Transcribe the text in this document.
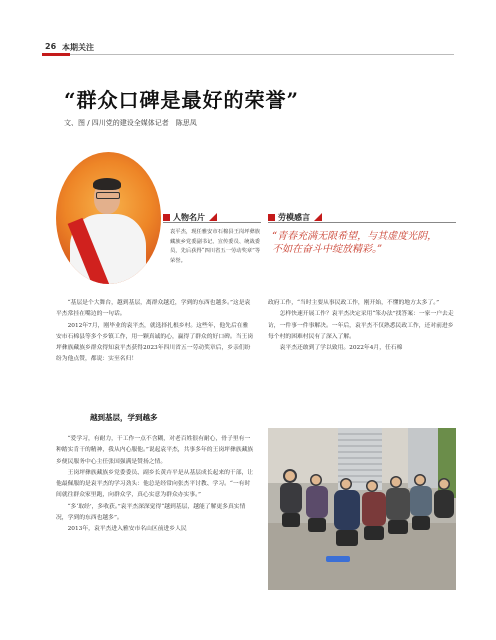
26 本期关注
“群众口碑是最好的荣誉”
文、图 / 四川党的建设全媒体记者　陈思凤
人物名片
袁平杰，现任雅安市石棉县王岗坪彝族藏族乡党委副书记、宣传委员、统战委员，先后获得“四川省五一劳动奖章”等荣誉。
劳模感言
“青春充满无限希望，与其虚度光阴，不如在奋斗中绽放精彩。”

“基层是个大舞台，越到基层，离群众越近，学到的东西也越多。”这是袁平杰常挂在嘴边的一句话。

2012年7月，刚毕业的袁平杰，就选择扎根乡村。这些年，他先后在雅安市石棉县等多个乡镇工作，用一颗真诚的心，赢得了群众的好口碑。当王岗坪彝族藏族乡群众得知袁平杰获得2023年四川省五一劳动奖章后，乡亲们纷纷为他点赞，都说：实至名归！

越到基层，学到越多

“爱学习，有耐力，干工作一点不含糊，对老百姓很有耐心，骨子里有一种踏实肯干的精神，我从内心服他。”说起袁平杰，共事多年的王岗坪彝族藏族乡便民服务中心主任张国强满是赞扬之情。

王岗坪彝族藏族乡党委委员、副乡长黄卉平是从基层成长起来的干部，让他最佩服的是袁平杰的学习劲头：他总是经常向张杰平讨教、学习。“一有时间就往群众家里跑，向群众学，真心实意为群众办实事。”

“多‘取经’，多收获。”袁平杰深深觉得“越到基层，越能了解更多真实情况，学到的东西也越多”。

2013年，袁平杰进入雅安市名山区前进乡人民

政府工作，“当时主要从事民政工作，刚开始，不懂的地方太多了。”

怎样快速开展工作？袁平杰决定采用“笨办法”找答案：一家一户去走访，一件事一件事解决。一年后，袁平杰不仅熟悉民政工作，还对前进乡每个村的困难村民有了深入了解。

袁平杰还敢到了学以致用。2022年4月，任石棉
